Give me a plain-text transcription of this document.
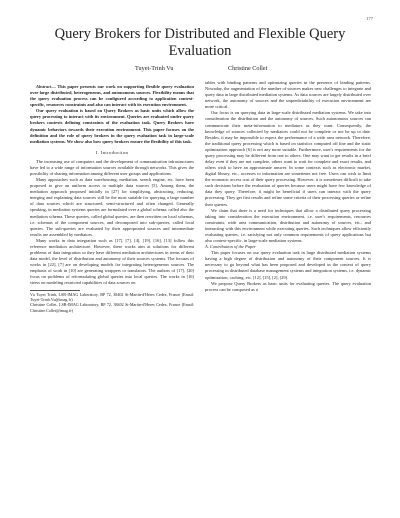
177
Query Brokers for Distributed and Flexible Query Evaluation
Tuyet-Trinh Vu	Christine Collet

Abstract— This paper presents our work on supporting flexible query evaluation over large distributed, heterogeneous, and autonomous sources. Flexibility means that the query evaluation process can be configured according to application context-specific, resources constraints and also can interact with its execution environment.

Our query evaluation is based on Query Brokers as basic units which allow the query processing to interact with its environment. Queries are evaluated under query brokers contexts defining constraints of the evaluation task. Query Brokers have dynamic behaviors towards their execution environment. This paper focuses on the definition and the role of query brokers in the query evaluation task in large-scale mediation systems. We show also how query brokers ensure the flexibility of this task.

I. Introduction

The increasing use of computers and the development of communication infrastructures have led to a wide range of information sources available through networks. This gives the possibility of sharing information among different user groups and applications.

Many approaches such as data warehousing, mediation, search engine, etc. have been proposed to give an uniform access to multiple data sources [5]. Among them, the mediation approach proposed initially in [27] for simplifying, abstracting, reducing, merging and explaining data sources still be the most suitable for querying a large number of data sources which are structured, semi-structured and often changed. Generally speaking, in mediation systems queries are formulated over a global schema, called also the mediation schema. These queries, called global queries, are then rewritten on local schemas, i.e. schemas of the component sources, and decomposed into sub-queries, called local queries. The sub-queries are evaluated by their appropriated sources and intermediate results are assembled by mediators.

Many works in data integration such as [17], [7], [4], [19], [16], [13] follow this reference mediation architecture. However, these works aim at solutions for different problems of data integration so they have different mediation architectures in terms of their data model, the level of distribution and autonomy of their sources systems. The focuses of works in [22], [7] are on developing models for integrating heterogeneous sources. The emphasis of work in [10] are generating wrappers or translators. The authors of [17], [20] focus on problems of reformulating global queries into local queries. The works in [16] stress on modeling restricted capabilities of data sources on

Vu Tuyet Trinh, LSR-IMAG Laboratory, BP 72, 38402 St-Martin-d'Heres Cedex, France (Email: Tuyet-Trinh.Vu@imag.fr)

Christine Collet, LSR-IMAG Laboratory, BP 72, 38402 St-Martin-d'Heres Cedex, France (Email: Christine.Collet@imag.fr)

tables with binding patterns and optimizing queries in the presence of binding patterns. Nowaday, the augmentation of the number of sources makes new challenges to integrate and query data in large distributed mediation systems. As data sources are largely distributed over network, the autonomy of sources and the unpredictability of execution environment are more critical.

Our focus is on querying data in large-scale distributed mediation systems. We take into consideration the distribution and the autonomy of sources. Such autonomous sources can communicate their meta-information to mediators as they want. Consequently, the knowledge of sources collected by mediators could not be complete or not be up to date. Besides, it may be impossible to expect the performance of a wide area network. Therefore, the traditional query processing which is based on statistics computed off line and the static optimization approach [6] is not any more suitable. Furthermore, user's requirements for the query processing may be different from one to others. One may want to get results in a brief delay even if they are not complete, others want to wait for complete and exact results, and others wish to have an approximate answer. In some contexts such as electronic market, digital library, etc., accesses to information are sometimes not free. Users can wish to limit the economic access cost of their query processing. However, it is sometimes difficult to take such decisions before the evaluation of queries because users might have few knowledge of data they query. Therefore, it might be beneficial if users can interact with the query processing. They get first results and refine some criteria of their processing queries or refine their queries.

We claim that there is a need for techniques that allow a distributed query processing taking into consideration the execution environment, i.e. user's requirements, resources constraints, wide area communication, distribution and autonomy of sources, etc., and interacting with this environment while executing queries. Such techniques allow efficiently evaluating queries, i.e. satisfying not only common requirements of query applications but also context-specific, in large-scale mediation systems.

A. Contribution of the Paper

This paper focuses on our query evaluation task in large distributed mediation systems having a high degree of distribution and autonomy of their component sources. It is necessary to go beyond what has been proposed and developed in the context of query processing in distributed database management systems and integration systems, i.e. dynamic optimization, caching, etc. [12], [15], [2], [29].

We propose Query Brokers as basic units for evaluating queries. The query evaluation process can be composed as a
